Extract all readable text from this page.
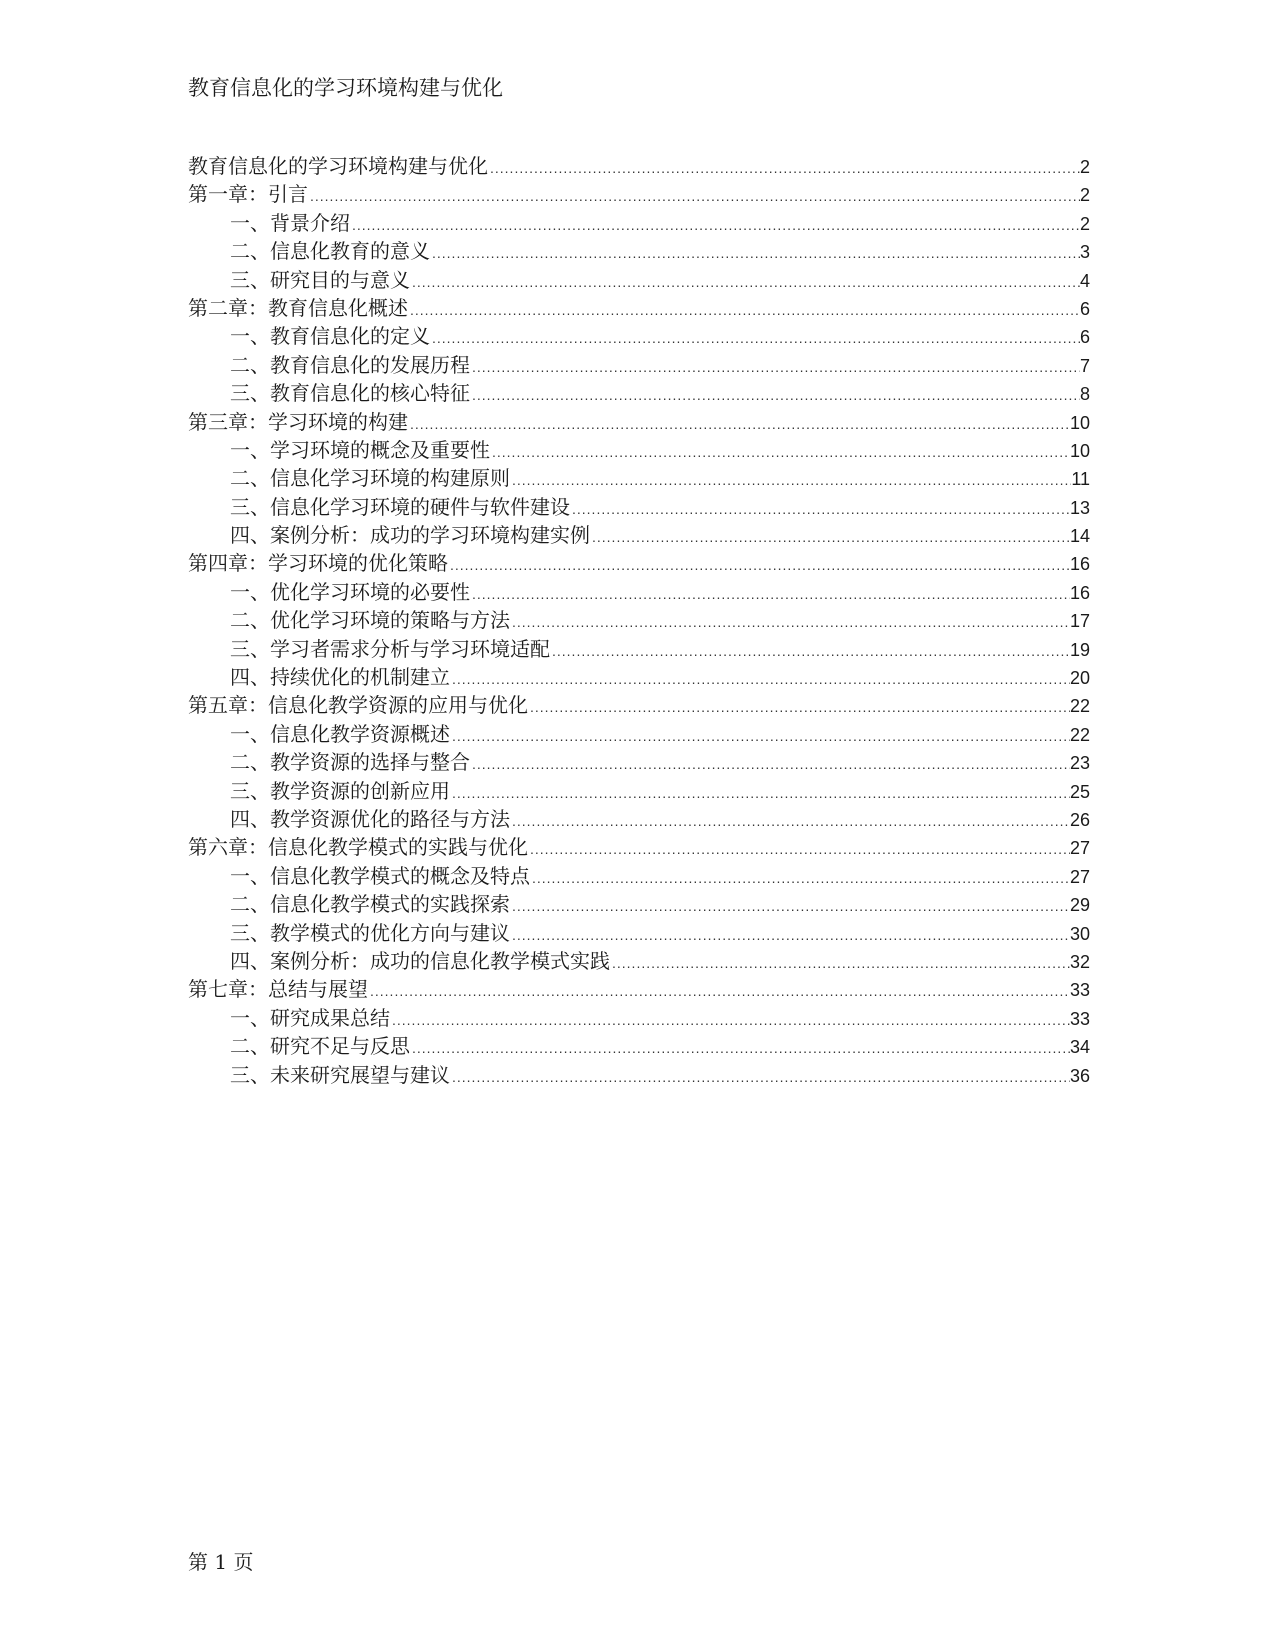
教育信息化的学习环境构建与优化
教育信息化的学习环境构建与优化 .....	2
第一章：引言 .....	2
一、背景介绍 .....	2
二、信息化教育的意义 .....	3
三、研究目的与意义 .....	4
第二章：教育信息化概述 .....	6
一、教育信息化的定义 .....	6
二、教育信息化的发展历程 .....	7
三、教育信息化的核心特征 .....	8
第三章：学习环境的构建 .....	10
一、学习环境的概念及重要性 .....	10
二、信息化学习环境的构建原则 .....	11
三、信息化学习环境的硬件与软件建设 .....	13
四、案例分析：成功的学习环境构建实例 .....	14
第四章：学习环境的优化策略 .....	16
一、优化学习环境的必要性 .....	16
二、优化学习环境的策略与方法 .....	17
三、学习者需求分析与学习环境适配 .....	19
四、持续优化的机制建立 .....	20
第五章：信息化教学资源的应用与优化 .....	22
一、信息化教学资源概述 .....	22
二、教学资源的选择与整合 .....	23
三、教学资源的创新应用 .....	25
四、教学资源优化的路径与方法 .....	26
第六章：信息化教学模式的实践与优化 .....	27
一、信息化教学模式的概念及特点 .....	27
二、信息化教学模式的实践探索 .....	29
三、教学模式的优化方向与建议 .....	30
四、案例分析：成功的信息化教学模式实践 .....	32
第七章：总结与展望 .....	33
一、研究成果总结 .....	33
二、研究不足与反思 .....	34
三、未来研究展望与建议 .....	36
第 1 页
